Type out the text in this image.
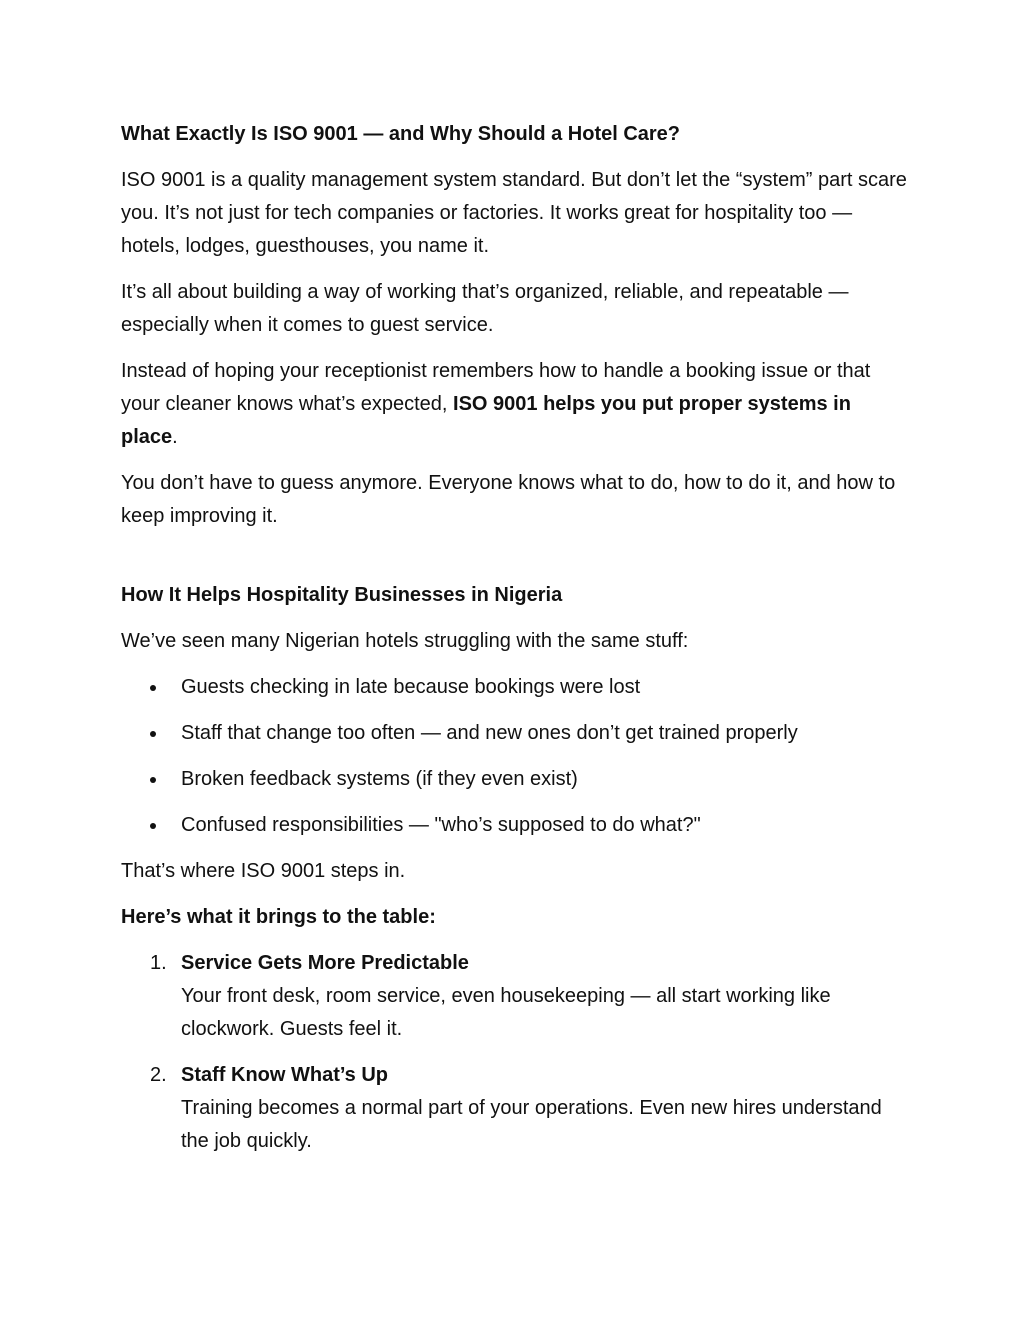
What Exactly Is ISO 9001 — and Why Should a Hotel Care?

ISO 9001 is a quality management system standard. But don’t let the “system” part scare you. It’s not just for tech companies or factories. It works great for hospitality too — hotels, lodges, guesthouses, you name it.

It’s all about building a way of working that’s organized, reliable, and repeatable — especially when it comes to guest service.

Instead of hoping your receptionist remembers how to handle a booking issue or that your cleaner knows what’s expected, ISO 9001 helps you put proper systems in place.

You don’t have to guess anymore. Everyone knows what to do, how to do it, and how to keep improving it.

How It Helps Hospitality Businesses in Nigeria

We’ve seen many Nigerian hotels struggling with the same stuff:

Guests checking in late because bookings were lost
Staff that change too often — and new ones don’t get trained properly
Broken feedback systems (if they even exist)
Confused responsibilities — "who’s supposed to do what?"

That’s where ISO 9001 steps in.

Here’s what it brings to the table:

1. Service Gets More Predictable
Your front desk, room service, even housekeeping — all start working like clockwork. Guests feel it.
2. Staff Know What’s Up
Training becomes a normal part of your operations. Even new hires understand the job quickly.
